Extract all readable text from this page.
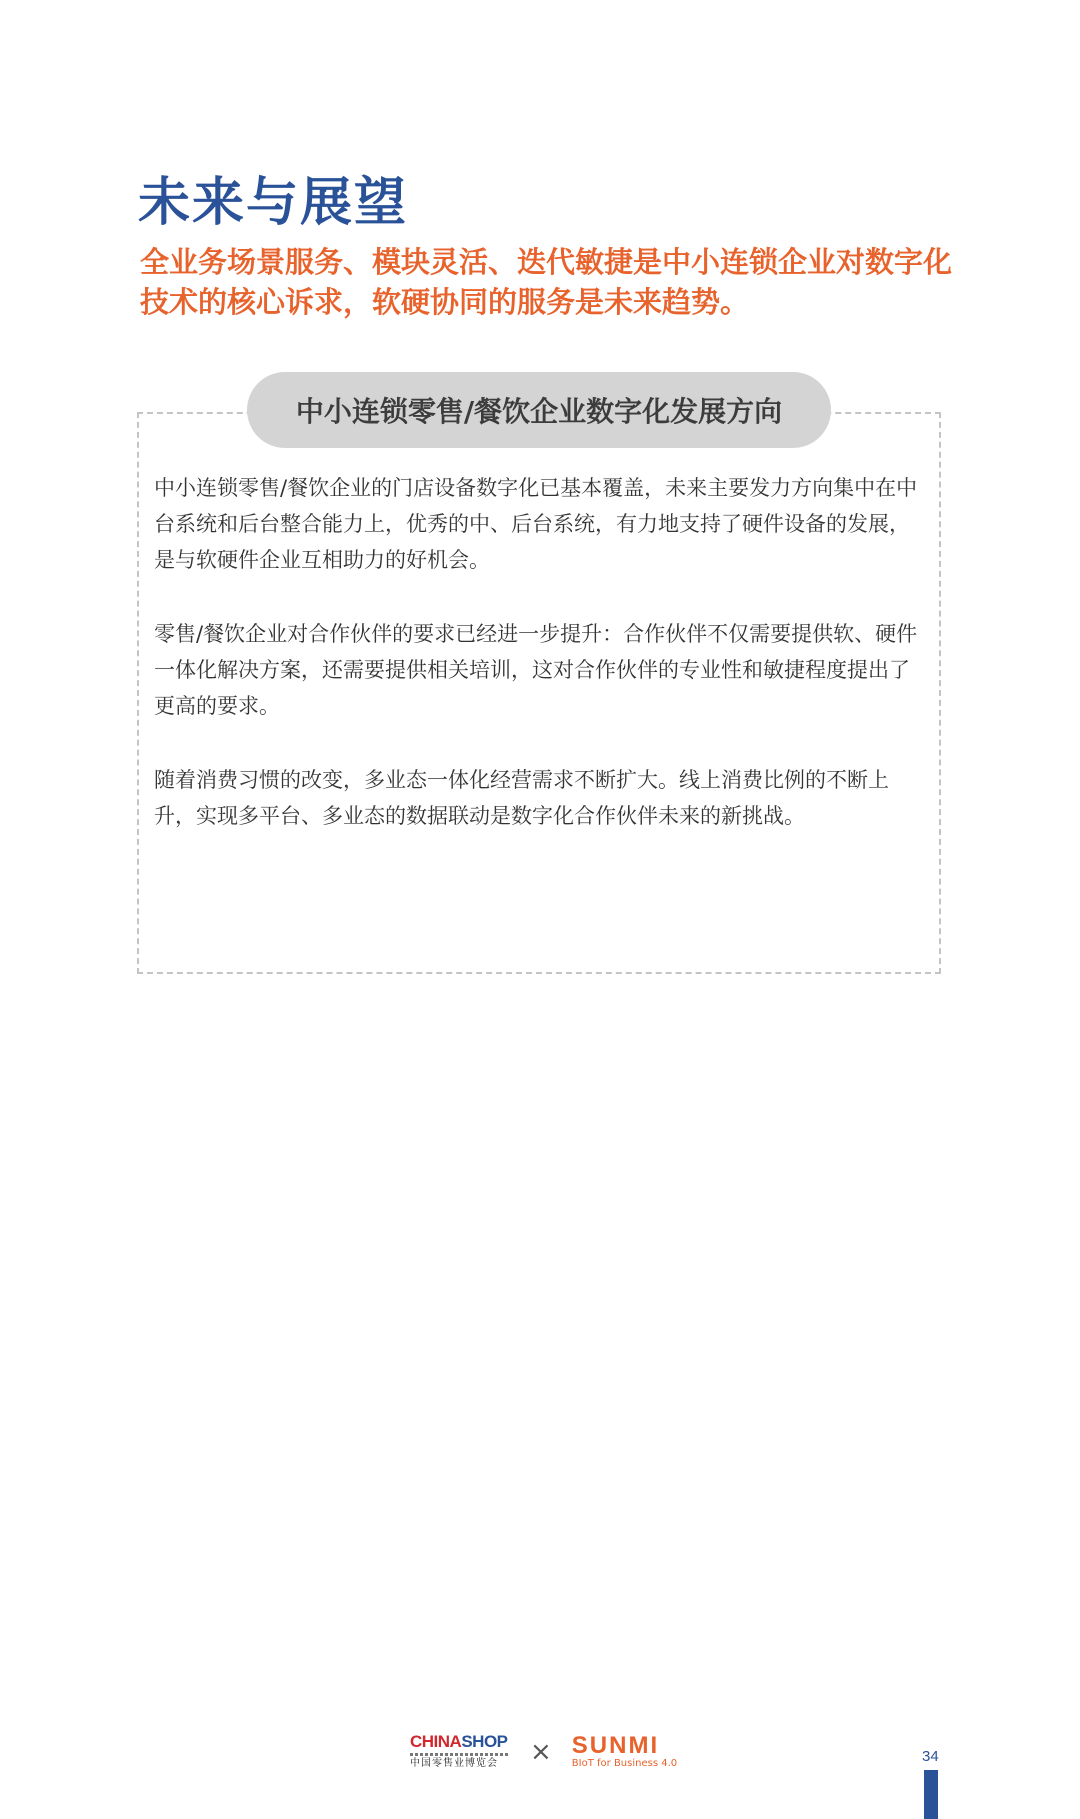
未来与展望

全业务场景服务、模块灵活、迭代敏捷是中小连锁企业对数字化技术的核心诉求，软硬协同的服务是未来趋势。

中小连锁零售/餐饮企业数字化发展方向

中小连锁零售/餐饮企业的门店设备数字化已基本覆盖，未来主要发力方向集中在中台系统和后台整合能力上，优秀的中、后台系统，有力地支持了硬件设备的发展，是与软硬件企业互相助力的好机会。

零售/餐饮企业对合作伙伴的要求已经进一步提升：合作伙伴不仅需要提供软、硬件一体化解决方案，还需要提供相关培训，这对合作伙伴的专业性和敏捷程度提出了更高的要求。

随着消费习惯的改变，多业态一体化经营需求不断扩大。线上消费比例的不断上升，实现多平台、多业态的数据联动是数字化合作伙伴未来的新挑战。

CHINASHOP
中国零售业博览会 × SUNMI
BIoT for Business 4.0	34
